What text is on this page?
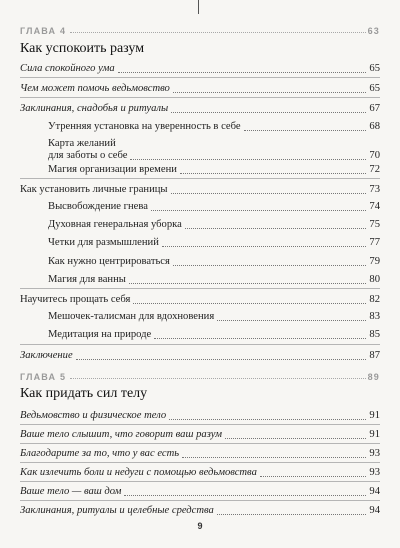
ГЛАВА 4	63
Как успокоить разум
Сила спокойного ума	65
Чем может помочь ведьмовство	65
Заклинания, снадобья и ритуалы	67
Утренняя установка на уверенность в себе	68
Карта желаний
для заботы о себе	70
Магия организации времени	72
Как установить личные границы	73
Высвобождение гнева	74
Духовная генеральная уборка	75
Четки для размышлений	77
Как нужно центрироваться	79
Магия для ванны	80
Научитесь прощать себя	82
Мешочек-талисман для вдохновения	83
Медитация на природе	85
Заключение	87
ГЛАВА 5	89
Как придать сил телу
Ведьмовство и физическое тело	91
Ваше тело слышит, что говорит ваш разум	91
Благодарите за то, что у вас есть	93
Как излечить боли и недуги с помощью ведьмовства	93
Ваше тело — ваш дом	94
Заклинания, ритуалы и целебные средства	94
9
